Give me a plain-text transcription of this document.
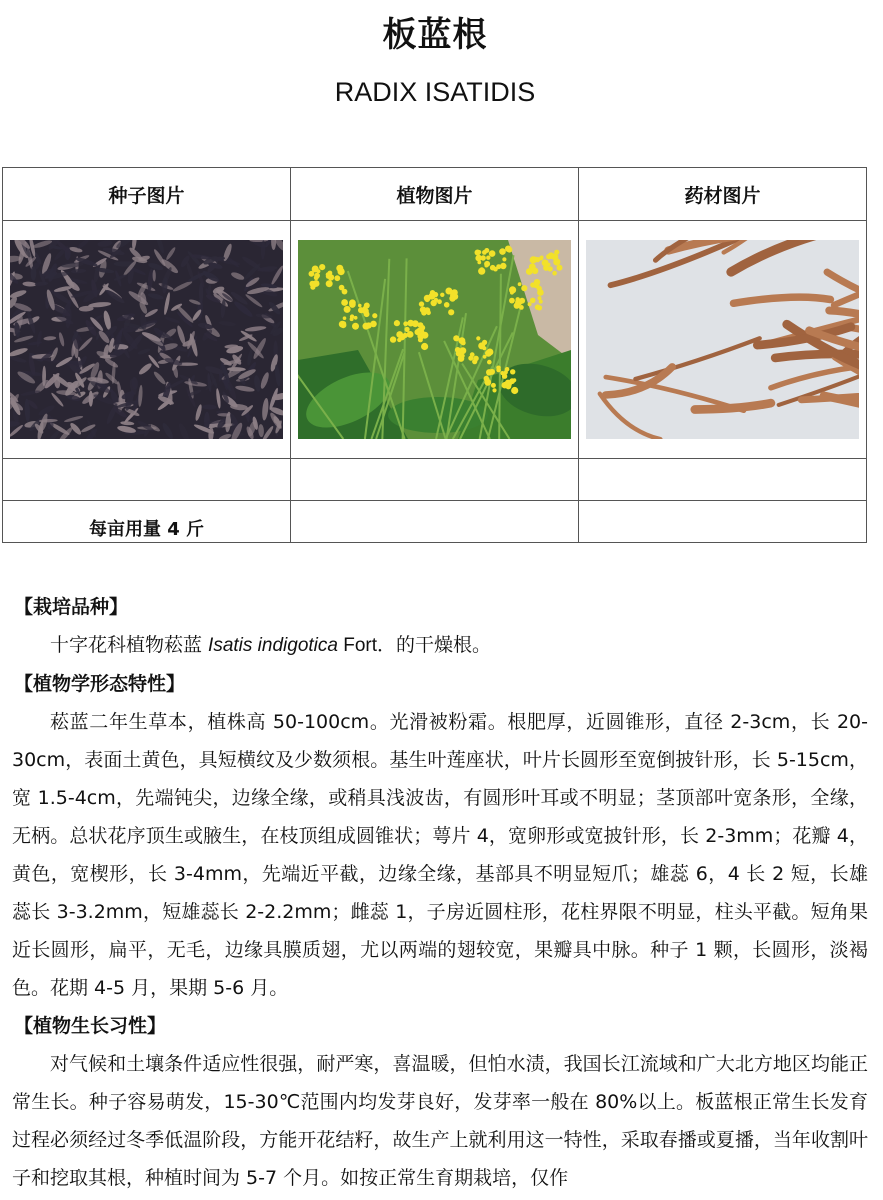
板蓝根
RADIX ISATIDIS
种子图片	植物图片	药材图片

每亩用量 4 斤		

【栽培品种】

十字花科植物菘蓝 Isatis indigotica Fort．的干燥根。

【植物学形态特性】

菘蓝二年生草本，植株高 50-100cm。光滑被粉霜。根肥厚，近圆锥形，直径 2-3cm，长 20-30cm，表面土黄色，具短横纹及少数须根。基生叶莲座状，叶片长圆形至宽倒披针形，长 5-15cm，宽 1.5-4cm，先端钝尖，边缘全缘，或稍具浅波齿，有圆形叶耳或不明显；茎顶部叶宽条形，全缘，无柄。总状花序顶生或腋生，在枝顶组成圆锥状；萼片 4，宽卵形或宽披针形，长 2-3mm；花瓣 4，黄色，宽楔形，长 3-4mm，先端近平截，边缘全缘，基部具不明显短爪；雄蕊 6，4 长 2 短，长雄蕊长 3-3.2mm，短雄蕊长 2-2.2mm；雌蕊 1，子房近圆柱形，花柱界限不明显，柱头平截。短角果近长圆形，扁平，无毛，边缘具膜质翅，尤以两端的翅较宽，果瓣具中脉。种子 1 颗，长圆形，淡褐色。花期 4-5 月，果期 5-6 月。

【植物生长习性】

对气候和土壤条件适应性很强，耐严寒，喜温暖，但怕水渍，我国长江流域和广大北方地区均能正常生长。种子容易萌发，15-30℃范围内均发芽良好，发芽率一般在 80%以上。板蓝根正常生长发育过程必须经过冬季低温阶段，方能开花结籽，故生产上就利用这一特性，采取春播或夏播，当年收割叶子和挖取其根，种植时间为 5-7 个月。如按正常生育期栽培，仅作
